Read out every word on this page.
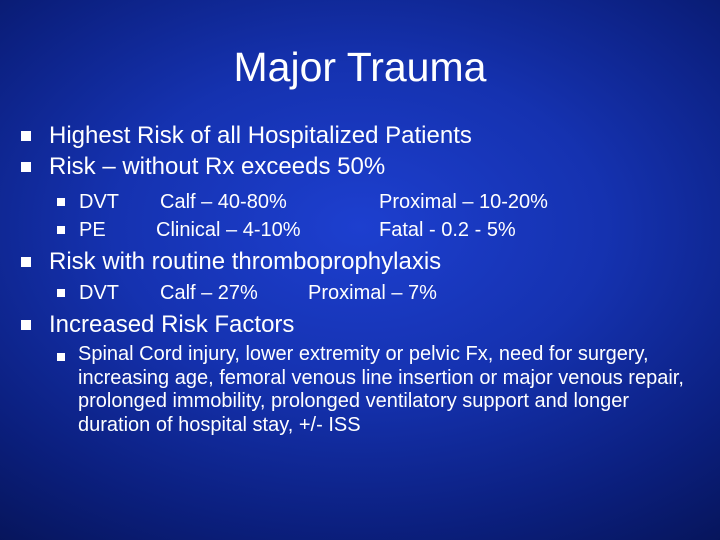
Major Trauma
Highest Risk of all Hospitalized Patients
Risk – without Rx exceeds 50%
DVT Calf – 40-80%	Proximal – 10-20%
PE	Clinical – 4-10%	Fatal - 0.2 - 5%
Risk with routine thromboprophylaxis
DVT Calf – 27%	Proximal – 7%
Increased Risk Factors
Spinal Cord injury, lower extremity or pelvic Fx, need for surgery, increasing age, femoral venous line insertion or major venous repair, prolonged immobility, prolonged ventilatory support and longer duration of hospital stay, +/- ISS
